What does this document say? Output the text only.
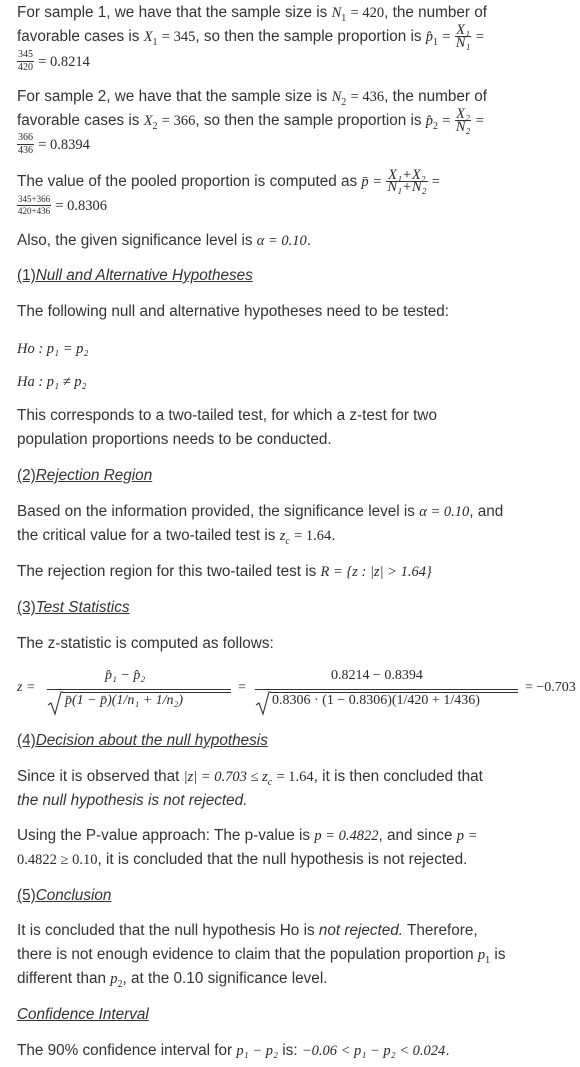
For sample 1, we have that the sample size is $N_1 = 420$, the number of
favorable cases is $X_1 = 345$, so then the sample proportion is $p̂_1 = \frac{\text{X₁}}{\text{N₁}}$ =
$\frac{345}{420} = 0.8214$
For sample 2, we have that the sample size is $N_2 = 436$, the number of
favorable cases is $X_2 = 366$, so then the sample proportion is $p̂_2 = \frac{\text{X₂}}{\text{N₂}}$ =
$\frac{366}{436} = 0.8394$
The value of the pooled proportion is computed as p̄ = $\frac{\text{X₁+X₂}}{\text{N₁+N₂}}$ =
$\frac{345+366}{420+436} = 0.8306$
Also, the given significance level is α = 0.10.
(1)Null and Alternative Hypotheses
The following null and alternative hypotheses need to be tested:
Ho : p₁ = p₂
Ha : p₁ ≠ p₂
This corresponds to a two-tailed test, for which a z-test for two
population proportions needs to be conducted.
(2)Rejection Region
Based on the information provided, the significance level is α = 0.10, and
the critical value for a two-tailed test is $z_c = 1.64$.
The rejection region for this two-tailed test is R = {z : |z| > 1.64}
(3)Test Statistics
The z-statistic is computed as follows:
z =
p̂₁ − p̂₂
p̄(1 − p̄)(1/n₁ + 1/n₂)
=
0.8214 − 0.8394
0.8306 · (1 − 0.8306)(1/420 + 1/436)
= −0.703
(4)Decision about the null hypothesis
Since it is observed that $|z| = 0.703 \le z_c = 1.64$, it is then concluded that
the null hypothesis is not rejected.
Using the P-value approach: The p-value is p = 0.4822, and since p =
0.4822 ≥ 0.10, it is concluded that the null hypothesis is not rejected.
(5)Conclusion
It is concluded that the null hypothesis Ho is not rejected. Therefore,
there is not enough evidence to claim that the population proportion $p_1$ is
different than $p_2$, at the 0.10 significance level.
Confidence Interval
The 90% confidence interval for p₁ − p₂ is: −0.06 < p₁ − p₂ < 0.024.
